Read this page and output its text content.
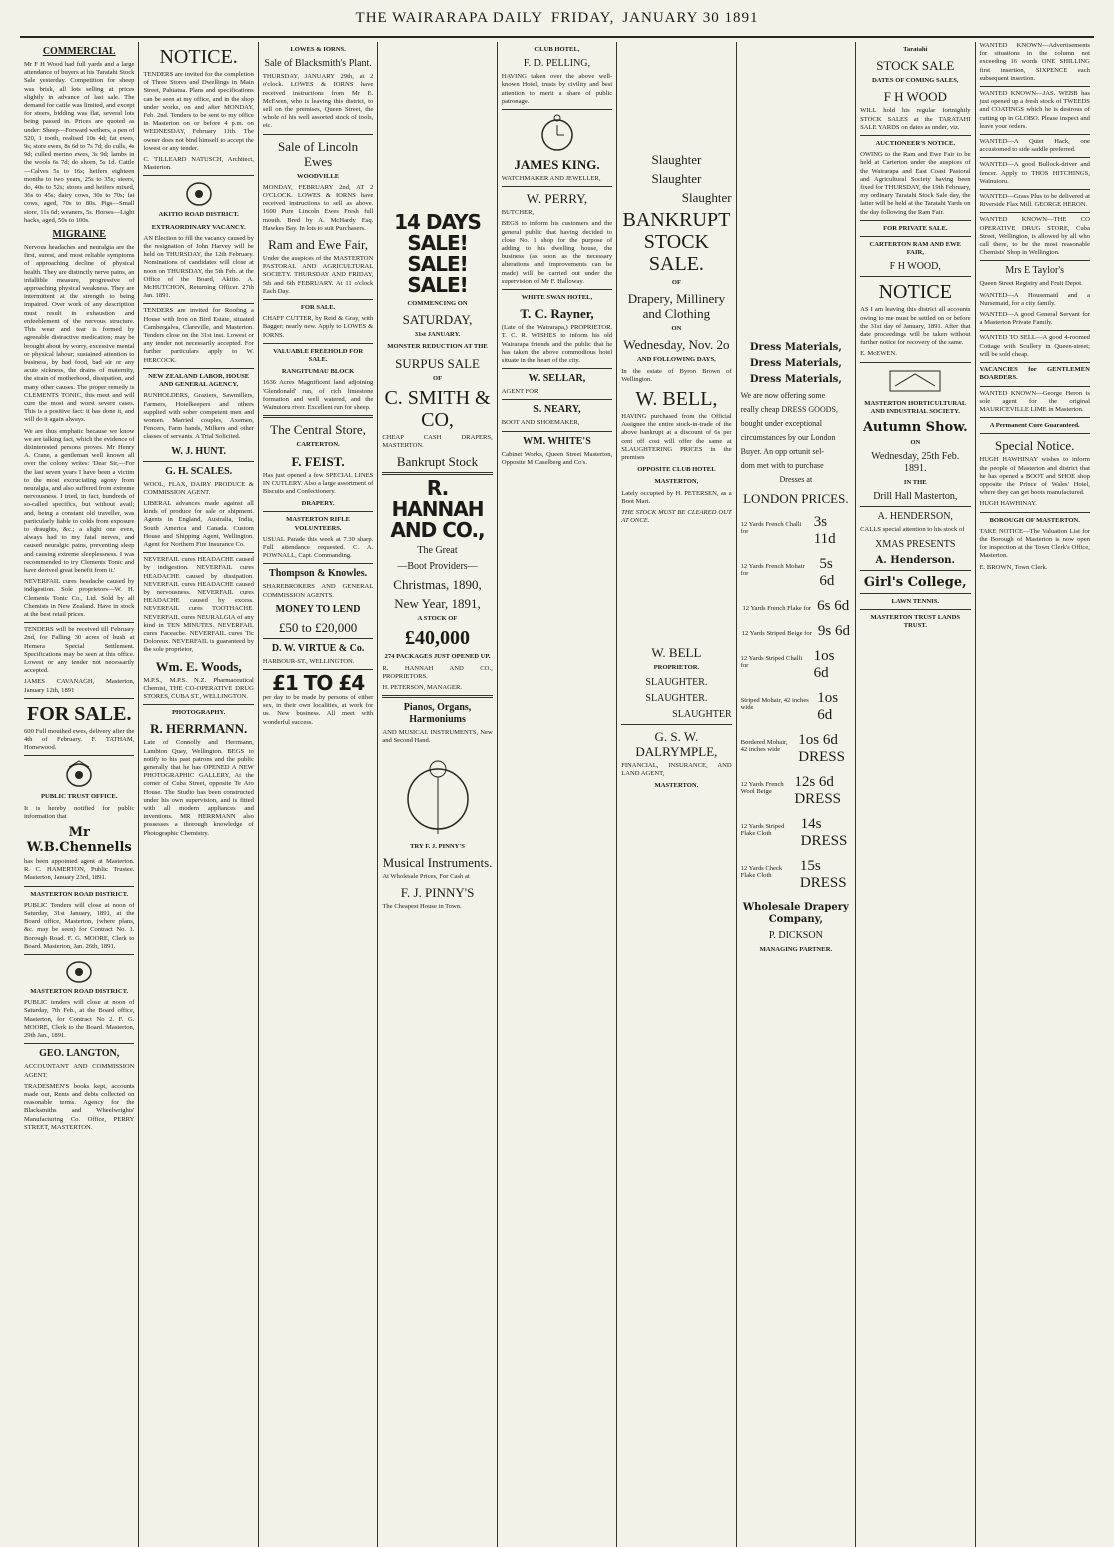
THE WAIRARAPA DAILY FRIDAY, JANUARY 30 1891
COMMERCIAL

Mr F H Wood had full yards and a large attendance of buyers at his Taratahi Stock Sale yesterday. Competition for sheep was brisk, all lots selling at prices slightly in advance of last sale. The demand for cattle was limited, and except for steers, bidding was flat, several lots being passed in. Prices are quoted as under: Sheep—Forward wethers, a pen of 520, 1 tooth, realised 10s 4d; fat ewes, 9s; store ewes, 8s 6d to 7s 7d; do culls, 4s 9d; culled merino ewes, 3s 9d; lambs in the wools 6s 7d; do shorn, 5s 1d. Cattle—Calves 5s to 16s; heifers eighteen months to two years, 25s to 35s; steers, do, 40s to 52s; stores and heifers mixed, 36s to 45s; dairy cows, 30s to 70s; fat cows, aged, 70s to 80s. Pigs—Small store, 11s 6d; weaners, 5s. Horses—Light hacks, aged, 50s to 100s.

MIGRAINE

Nervous headaches and neuralgia are the first, surest, and most reliable symptoms of approaching decline of physical health. They are distinctly nerve pains, an infallible measure, progressive of approaching physical weakness. They are intermittent at the strength to being impaired. Over work of any description must result in exhaustion and enfeeblement of the nervous structure. This wear and tear is formed by agreeable distractive medication; may be brought about by worry, excessive mental or physical labour; sustained attention to business, by bad food, bad air or any acute sickness, the drains of maternity, the strain of motherhood, dissipation, and many other causes. The proper remedy is CLEMENTS TONIC, this meet and will cure the most and worst severe cases. This is a positive fact: it has done it, and will do it again always.

We are thus emphatic because we know we are talking fact, which the evidence of disinterested persons proves. Mr Henry A. Crane, a gentleman well known all over the colony writes: 'Dear Sir,—For the last seven years I have been a victim to the most excruciating agony from neuralgia, and also suffered from extreme nervousness. I tried, in fact, hundreds of so-called specifics, but without avail; and, being a constant old traveller, was particularly liable to colds from exposure to draughts, &c.; a slight one even, always had to my fatal nerves, and caused neuralgic pains, preventing sleep and causing extreme sleeplessness. I was recommended to try Clements Tonic and have derived great benefit from it.'

NEVERFAIL cures headache caused by indigestion. Sole proprietors—W. H. Clements Tonic Co., Ltd. Sold by all Chemists in New Zealand. Have in stock at the best retail prices.

TENDERS will be received till February 2nd, for Falling 30 acres of bush at Hemera Special Settlement. Specifications may be seen at this office. Lowest or any tender not necessarily accepted.

JAMES CAVANAGH, Masterton, January 12th, 1891

FOR SALE.

600 Full mouthed ewes, delivery after the 4th of February. F. TATHAM, Homewood.

PUBLIC TRUST OFFICE.

It is hereby notified for public information that

Mr W.B.Chennells

has been appointed agent at Masterton. R. C. HAMERTON, Public Trustee. Masterton, January 23rd, 1891.

MASTERTON ROAD DISTRICT.

PUBLIC Tenders will close at noon of Saturday, 31st January, 1891, at the Board office, Masterton, (where plans, &c. may be seen) for Contract No. 1. Borough Road. F. G. MOORE, Clerk to Board. Masterton, Jan. 26th, 1891.

MASTERTON ROAD DISTRICT.

PUBLIC tenders will close at noon of Saturday, 7th Feb., at the Board office, Masterton, for Contract No 2. F. G. MOORE, Clerk to the Board. Masterton, 29th Jan., 1891.

GEO. LANGTON,

ACCOUNTANT AND COMMISSION AGENT.

TRADESMEN'S books kept, accounts made out, Rents and debts collected on reasonable terms. Agency for the Blacksmiths and Wheelwrights' Manufacturing Co. Office, PERRY STREET, MASTERTON.

NOTICE.

TENDERS are invited for the completion of Three Stores and Dwellings in Main Street, Pahiatua. Plans and specifications can be seen at my office, and in the shop under works, on and after MONDAY, Feb. 2nd. Tenders to be sent to my office in Masterton on or before 4 p.m. on WEDNESDAY, February 11th. The owner does not bind himself to accept the lowest or any tender.

C. TILLEARD NATUSCH, Architect, Masterton.

AKITIO ROAD DISTRICT.
EXTRAORDINARY VACANCY.

AN Election to fill the vacancy caused by the resignation of John Harvey will be held on THURSDAY, the 12th February. Nominations of candidates will close at noon on THURSDAY, the 5th Feb. at the Office of the Board, Akitio. A. McHUTCHON, Returning Officer. 27th Jan. 1891.

TENDERS are invited for Roofing a House with Iron on Bird Estate, situated Cambergalva, Clareville, and Masterton. Tenders close on the 31st inst. Lowest or any tender not necessarily accepted. For further particulars apply to W. HERCOCK.

NEW ZEALAND LABOR, HOUSE AND GENERAL AGENCY,

RUNHOLDERS, Graziers, Sawmillers, Farmers, Hotelkeepers and others supplied with sober competent men and women. Married couples, Axemen, Fencers, Farm hands, Milkers and other classes of servants. A Trial Solicited.

W. J. HUNT.
G. H. SCALES.

WOOL, FLAX, DAIRY PRODUCE & COMMISSION AGENT.

LIBERAL advances made against all kinds of produce for sale or shipment. Agents in England, Australia, India, South America and Canada. Custom House and Shipping Agent, Wellington. Agent for Northern Fire Insurance Co.

NEVERFAIL cures HEADACHE caused by indigestion. NEVERFAIL cures HEADACHE caused by dissipation. NEVERFAIL cures HEADACHE caused by nervousness. NEVERFAIL cures HEADACHE caused by excess. NEVERFAIL cures TOOTHACHE. NEVERFAIL cures NEURALGIA of any kind in TEN MINUTES. NEVERFAIL cures Faceache. NEVERFAIL cures Tic Doloreux. NEVERFAIL is guaranteed by the sole proprietor,

Wm. E. Woods,

M.P.S., M.P.S. N.Z. Pharmaceutical Chemist, THE CO-OPERATIVE DRUG STORES, CUBA ST., WELLINGTON.

PHOTOGRAPHY.
R. HERRMANN.

Late of Connolly and Herrmann, Lambton Quay, Wellington. BEGS to notify to his past patrons and the public generally that he has OPENED A NEW PHOTOGRAPHIC GALLERY, At the corner of Cuba Street, opposite Te Aro House. The Studio has been constructed under his own supervision, and is fitted with all modern appliances and inventions. MR HERRMANN also possesses a thorough knowledge of Photographic Chemistry.

LOWES & IORNS.
Sale of Blacksmith's Plant.

THURSDAY, JANUARY 29th, at 2 o'clock. LOWES & IORNS have received instructions from Mr E. McEwen, who is leaving this district, to sell on the premises, Queen Street, the whole of his well assorted stock of tools, etc.

Sale of Lincoln Ewes
WOODVILLE

MONDAY, FEBRUARY 2nd, AT 2 O'CLOCK. LOWES & IORNS have received instructions to sell as above. 1600 Pure Lincoln Ewes Fresh full mouth. Bred by A. McHardy Esq. Hawkes Bay. In lots to suit Purchasers.

Ram and Ewe Fair,

Under the auspices of the MASTERTON PASTORAL AND AGRICULTURAL SOCIETY. THURSDAY AND FRIDAY, 5th and 6th FEBRUARY. At 11 o'clock Each Day.

FOR SALE.

CHAFF CUTTER, by Reid & Gray, with Bagger; nearly new. Apply to LOWES & IORNS.

VALUABLE FREEHOLD FOR SALE.
RANGITUMAU BLOCK

1636 Acres Magnificent land adjoining 'Glendonald' run, of rich limestone formation and well watered, and the Wainuioru river. Excellent run for sheep.

The Central Store,
CARTERTON.
F. FEIST.

Has just opened a few SPECIAL LINES IN CUTLERY. Also a large assortment of Biscuits and Confectionery.

DRAPERY.
MASTERTON RIFLE VOLUNTEERS.

USUAL Parade this week at 7.30 sharp. Full attendance requested. C. A. POWNALL, Capt. Commanding.

Thompson & Knowles.

SHAREBROKERS AND GENERAL COMMISSION AGENTS.

MONEY TO LEND
£50 to £20,000
D. W. VIRTUE & Co.

HARBOUR-ST., WELLINGTON.

£1 TO £4

per day to be made by persons of either sex, in their own localities, at work for us. New business. All meet with wonderful success.

14 DAYS
SALE! SALE! SALE!
COMMENCING ON
SATURDAY,
31st JANUARY.
MONSTER REDUCTION AT THE
SURPUS SALE
OF
C. SMITH & CO,

CHEAP CASH DRAPERS, MASTERTON.

Bankrupt Stock
R. HANNAH AND CO.,
The Great
—Boot Providers—
Christmas, 1890,
New Year, 1891,
A STOCK OF
£40,000
274 PACKAGES JUST OPENED UP.

R. HANNAH AND CO., PROPRIETORS.

H. PETERSON, MANAGER.

Pianos, Organs, Harmoniums

AND MUSICAL INSTRUMENTS, New and Second Hand.

TRY F. J. PINNY'S
Musical Instruments.

At Wholesale Prices, For Cash at

F. J. PINNY'S

The Cheapest House in Town.

CLUB HOTEL,
F. D. PELLING,

HAVING taken over the above well-known Hotel, trusts by civility and best attention to merit a share of public patronage.

JAMES KING.

WATCHMAKER AND JEWELLER,

W. PERRY,

BUTCHER,

BEGS to inform his customers and the general public that having decided to close No. 1 shop for the purpose of adding to his dwelling house, the business (as soon as the necessary alterations and improvements can be made) will be carried out under the supervision of Mr F. Halloway.

WHITE SWAN HOTEL,
T. C. Rayner,

(Late of the Wairarapa,) PROPRIETOR. T. C. R. WISHES to inform his old Wairarapa friends and the public that he has taken the above commodious hotel situate in the heart of the city.

W. SELLAR,

AGENT FOR

S. NEARY,

BOOT AND SHOEMAKER,

WM. WHITE'S

Cabinet Works, Queen Street Masterton, Opposite M Caselberg and Co's.

Slaughter
Slaughter
Slaughter
BANKRUPT STOCK SALE.
OF
Drapery, Millinery and Clothing
ON
Wednesday, Nov. 2o
AND FOLLOWING DAYS,

In the estate of Byron Brown of Wellington.

W. BELL,

HAVING purchased from the Official Assignee the entire stock-in-trade of the above bankrupt at a discount of 6s per cent off cost will offer the same at SLAUGHTERING PRICES in the premises

OPPOSITE CLUB HOTEL
MASTERTON,

Lately occupied by H. PETERSEN, as a Boot Mart.

THE STOCK MUST BE CLEARED OUT AT ONCE.

W. BELL
PROPRIETOR.
SLAUGHTER.
SLAUGHTER.
SLAUGHTER
G. S. W. DALRYMPLE,

FINANCIAL, INSURANCE, AND LAND AGENT,

MASTERTON.
Dress Materials,
Dress Materials,
Dress Materials,
We are now offering some
really cheap DRESS GOODS,
bought under exceptional
circumstances by our London
Buyer. An opp ortunit sel-
dom met with to purchase
Dresses at
LONDON PRICES.
12 Yards French Challi for
3s 11d
12 Yards French Mohair for
5s 6d
12 Yards French Flake for 6s 6d
12 Yards Striped Beige for 9s 6d
12 Yards Striped Challi for
1os 6d
Striped Mohair, 42 inches wide
1os 6d
Bordered Mohair, 42 inches wide
1os 6d DRESS
12 Yards French Wool Beige
12s 6d DRESS
12 Yards Striped Flake Cloth
14s DRESS
12 Yards Check Flake Cloth
15s DRESS
Wholesale Drapery Company,
P. DICKSON
MANAGING PARTNER.
Taratahi
STOCK SALE
DATES OF COMING SALES,
F H WOOD

WILL hold his regular fortnightly STOCK SALES at the TARATAHI SALE YARDS on dates as under, viz.

AUCTIONEER'S NOTICE.

OWING to the Ram and Ewe Fair to be held at Carterton under the auspices of the Wairarapa and East Coast Pastoral and Agricultural Society having been fixed for THURSDAY, the 19th February, my ordinary Taratahi Stock Sale day, the latter will be held at the Taratahi Yards on the day following the Ram Fair.

FOR PRIVATE SALE.
CARTERTON RAM AND EWE FAIR,
F H WOOD,
NOTICE

AS I am leaving this district all accounts owing to me must be settled on or before the 31st day of January, 1891. After that date proceedings will be taken without further notice for recovery of the same.

E. McEWEN.

MASTERTON HORTICULTURAL AND INDUSTRIAL SOCIETY.
Autumn Show.
ON
Wednesday, 25th Feb. 1891.
IN THE
Drill Hall Masterton,
A. HENDERSON,

CALLS special attention to his stock of

XMAS PRESENTS
A. Henderson.
Girl's College,
LAWN TENNIS.
MASTERTON TRUST LANDS TRUST.

WANTED KNOWN—Advertisements for situations in the column not exceeding 16 words ONE SHILLING first insertion, SIXPENCE each subsequent insertion.

WANTED KNOWN—JAS. WEBB has just opened up a fresh stock of TWEEDS and COATINGS which he is desirous of cutting up in GLOBO. Please inspect and leave your orders.

WANTED—A Quiet Hack, one accustomed to side saddle preferred.

WANTED—A good Bullock-driver and fencer. Apply to THOS HITCHINGS, Wainuioru.

WANTED—Grass Plus to be delivered at Riverside Flax Mill. GEORGE HERON.

WANTED KNOWN—THE CO OPERATIVE DRUG STORE, Cuba Street, Wellington, is allowed by all who call there, to be the most reasonable Chemists' Shop in Wellington.

Mrs E Taylor's

Queen Street Registry and Fruit Depot.

WANTED—A Housemaid and a Nursemaid, for a city family.

WANTED—A good General Servant for a Masterton Private Family.

WANTED TO SELL—A good 4-roomed Cottage with Scullery in Queen-street; will be sold cheap.

VACANCIES for GENTLEMEN BOARDERS.

WANTED KNOWN—George Heron is sole agent for the original MAURICEVILLE LIME in Masterton.

A Permanent Cure Guaranteed.
Special Notice.

HUGH HAWHINAY wishes to inform the people of Masterton and district that he has opened a BOOT and SHOE shop opposite the Prince of Wales' Hotel, where they can get boots manufactured.

HUGH HAWHINAY.

BOROUGH OF MASTERTON.

TAKE NOTICE—The Valuation List for the Borough of Masterton is now open for inspection at the Town Clerk's Office, Masterton.

E. BROWN, Town Clerk.
